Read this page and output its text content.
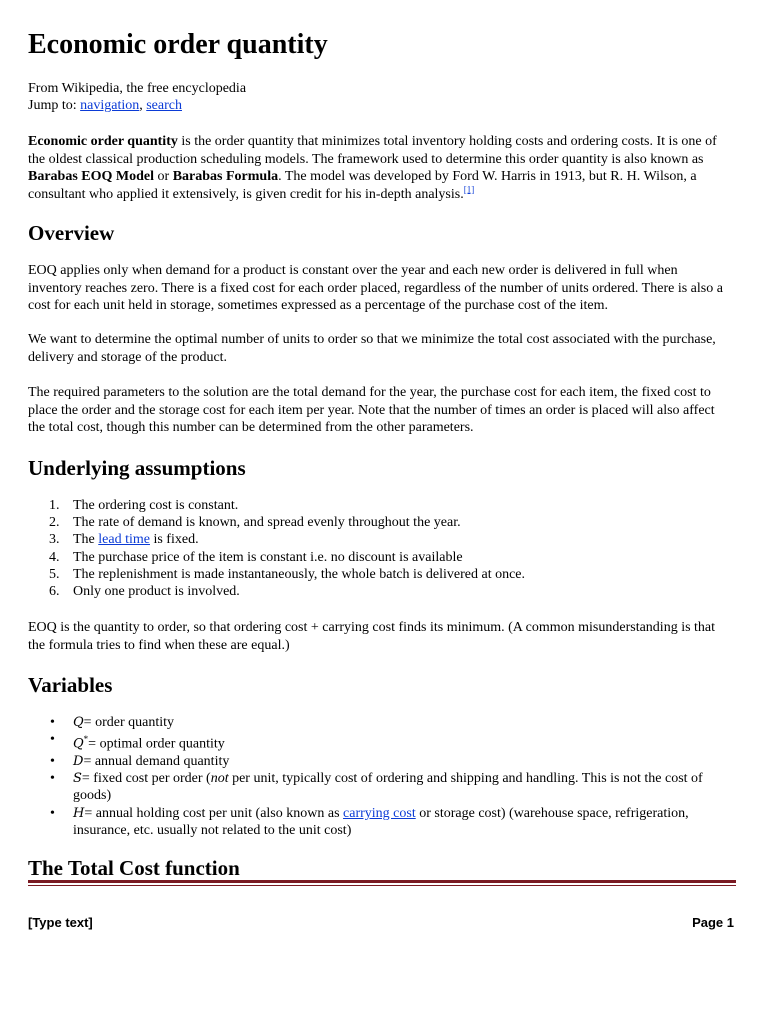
Economic order quantity
From Wikipedia, the free encyclopedia
Jump to: navigation, search

Economic order quantity is the order quantity that minimizes total inventory holding costs and ordering costs. It is one of the oldest classical production scheduling models. The framework used to determine this order quantity is also known as Barabas EOQ Model or Barabas Formula. The model was developed by Ford W. Harris in 1913, but R. H. Wilson, a consultant who applied it extensively, is given credit for his in-depth analysis.[1]

Overview

EOQ applies only when demand for a product is constant over the year and each new order is delivered in full when inventory reaches zero. There is a fixed cost for each order placed, regardless of the number of units ordered. There is also a cost for each unit held in storage, sometimes expressed as a percentage of the purchase cost of the item.

We want to determine the optimal number of units to order so that we minimize the total cost associated with the purchase, delivery and storage of the product.

The required parameters to the solution are the total demand for the year, the purchase cost for each item, the fixed cost to place the order and the storage cost for each item per year. Note that the number of times an order is placed will also affect the total cost, though this number can be determined from the other parameters.

Underlying assumptions
1. The ordering cost is constant.
2. The rate of demand is known, and spread evenly throughout the year.
3. The lead time is fixed.
4. The purchase price of the item is constant i.e. no discount is available
5. The replenishment is made instantaneously, the whole batch is delivered at once.
6. Only one product is involved.

EOQ is the quantity to order, so that ordering cost + carrying cost finds its minimum. (A common misunderstanding is that the formula tries to find when these are equal.)

Variables
• Q= order quantity
• Q*= optimal order quantity
• D= annual demand quantity
• S= fixed cost per order (not per unit, typically cost of ordering and shipping and handling. This is not the cost of goods)
• H= annual holding cost per unit (also known as carrying cost or storage cost) (warehouse space, refrigeration, insurance, etc. usually not related to the unit cost)
The Total Cost function
[Type text]	Page 1
